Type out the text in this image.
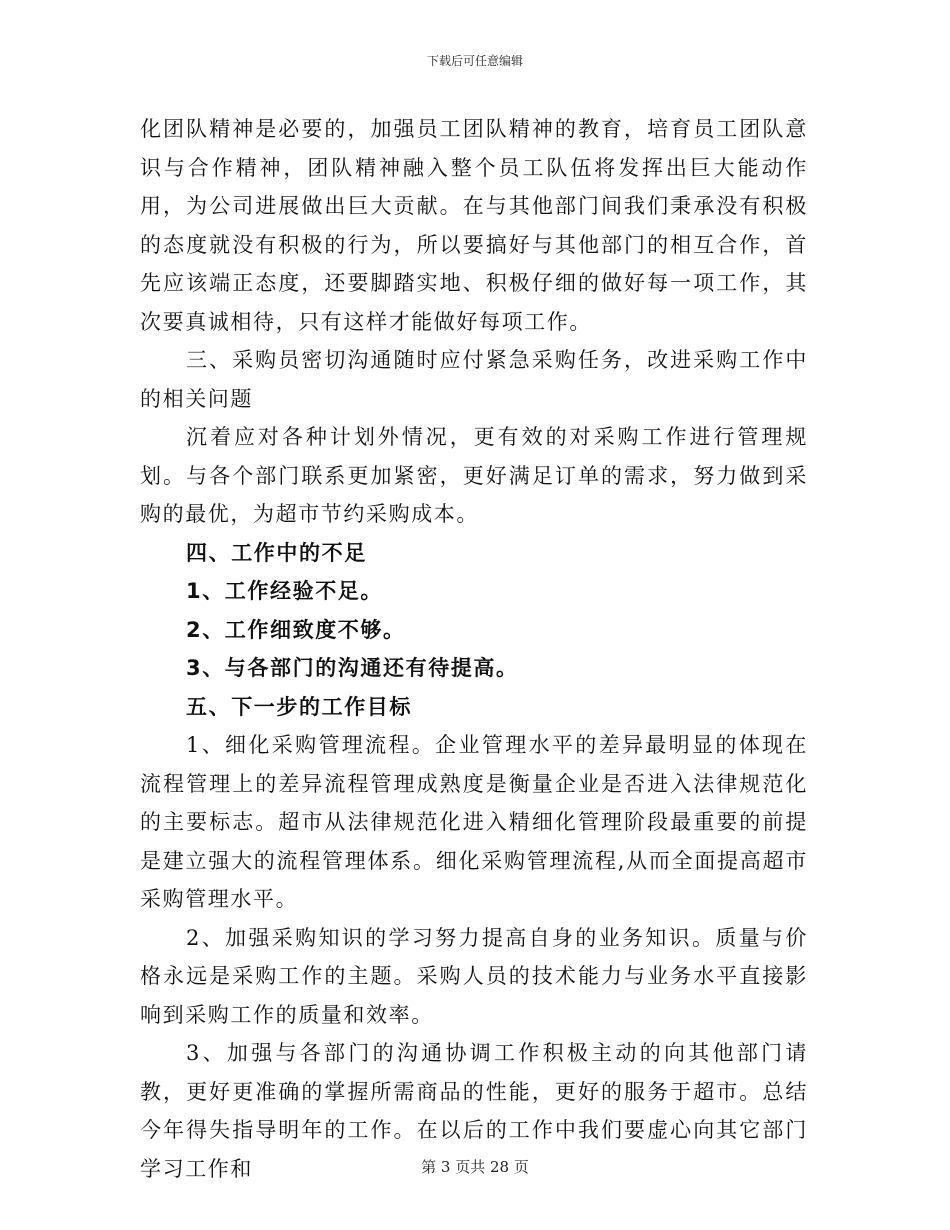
下载后可任意编辑

化团队精神是必要的，加强员工团队精神的教育，培育员工团队意识与合作精神，团队精神融入整个员工队伍将发挥出巨大能动作用，为公司进展做出巨大贡献。在与其他部门间我们秉承没有积极的态度就没有积极的行为，所以要搞好与其他部门的相互合作，首先应该端正态度，还要脚踏实地、积极仔细的做好每一项工作，其次要真诚相待，只有这样才能做好每项工作。

三、采购员密切沟通随时应付紧急采购任务，改进采购工作中的相关问题

沉着应对各种计划外情况，更有效的对采购工作进行管理规划。与各个部门联系更加紧密，更好满足订单的需求，努力做到采购的最优，为超市节约采购成本。

四、工作中的不足

1、工作经验不足。

2、工作细致度不够。

3、与各部门的沟通还有待提高。

五、下一步的工作目标

1、细化采购管理流程。企业管理水平的差异最明显的体现在流程管理上的差异流程管理成熟度是衡量企业是否进入法律规范化的主要标志。超市从法律规范化进入精细化管理阶段最重要的前提是建立强大的流程管理体系。细化采购管理流程,从而全面提高超市采购管理水平。

2、加强采购知识的学习努力提高自身的业务知识。质量与价格永远是采购工作的主题。采购人员的技术能力与业务水平直接影响到采购工作的质量和效率。

3、加强与各部门的沟通协调工作积极主动的向其他部门请教，更好更准确的掌握所需商品的性能，更好的服务于超市。总结今年得失指导明年的工作。在以后的工作中我们要虚心向其它部门学习工作和	第 3 页共 28 页
